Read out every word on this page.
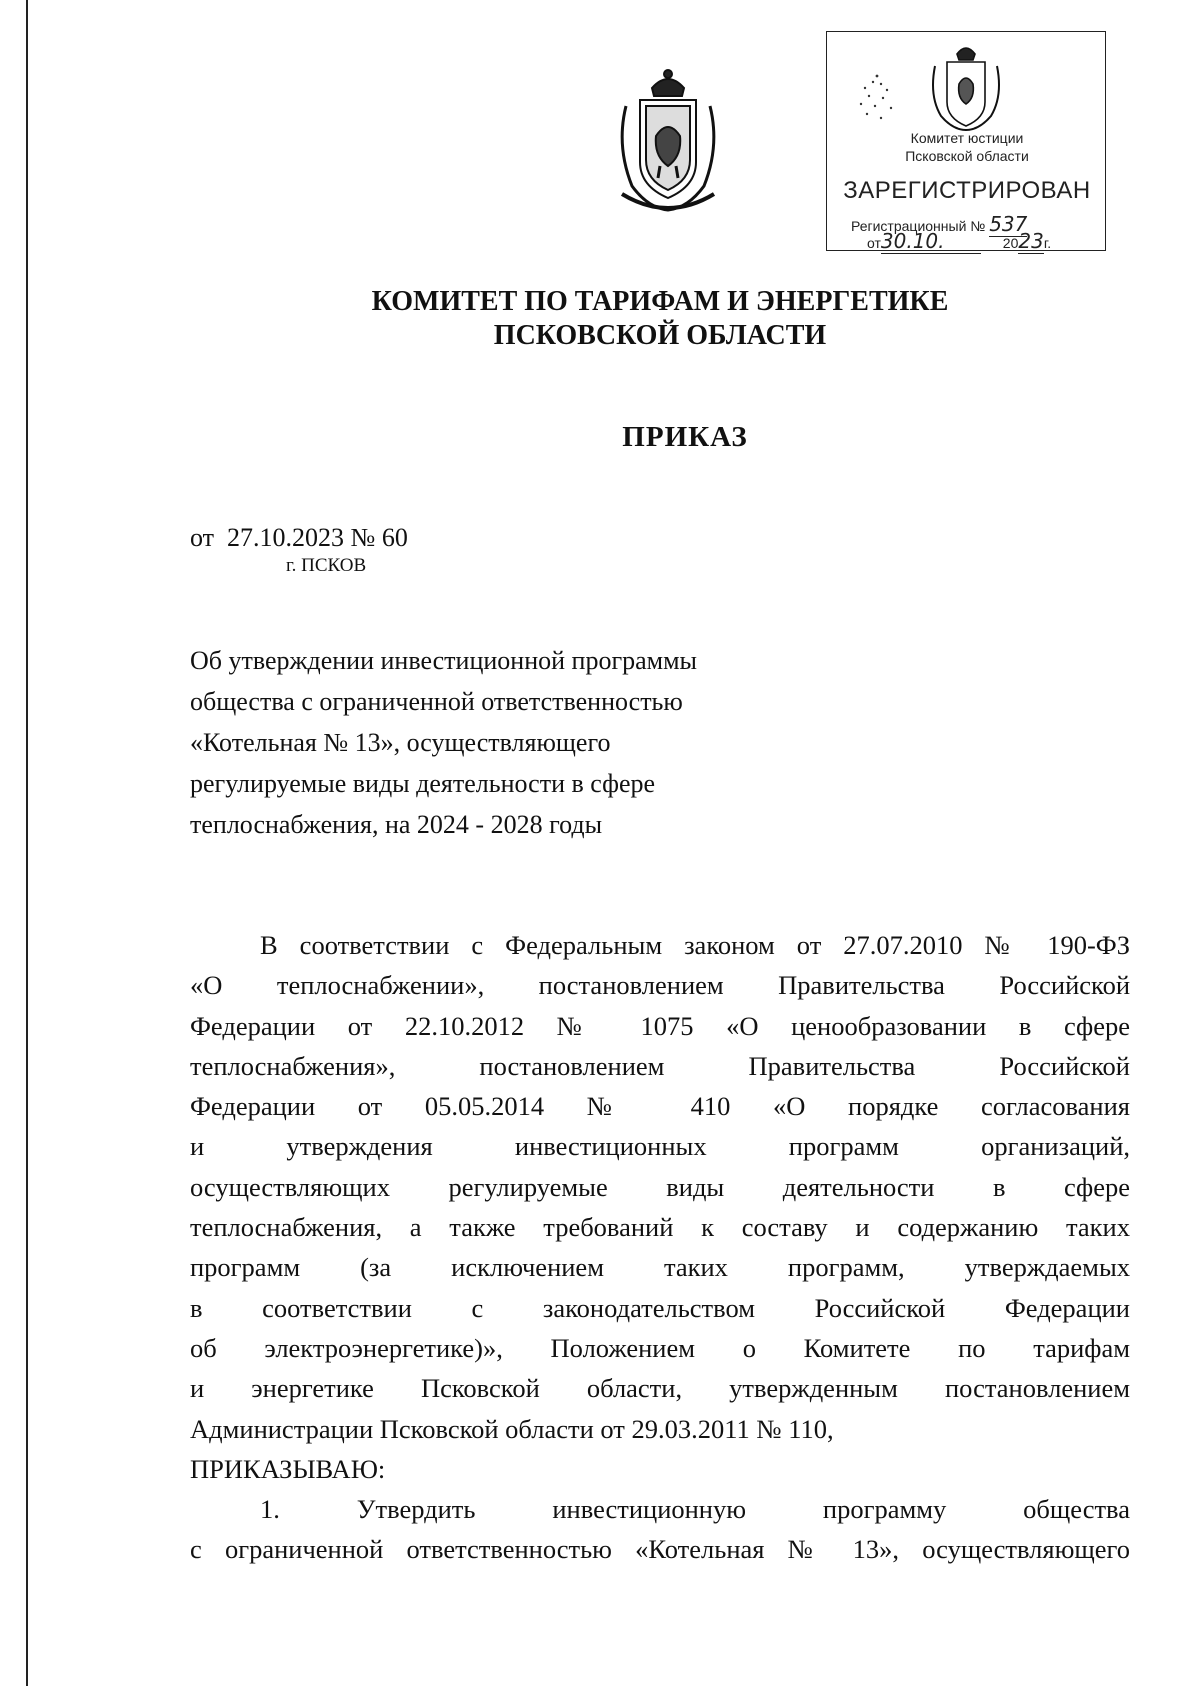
Комитет юстиции
Псковской области
ЗАРЕГИСТРИРОВАН
Регистрационный № 537
от30.10.	2023г.
КОМИТЕТ ПО ТАРИФАМ И ЭНЕРГЕТИКЕ
ПСКОВСКОЙ ОБЛАСТИ
ПРИКАЗ
от  27.10.2023 № 60
г. ПСКОВ
Об утверждении инвестиционной программы
общества с ограниченной ответственностью
«Котельная № 13», осуществляющего
регулируемые виды деятельности в сфере
теплоснабжения, на 2024 - 2028 годы
В соответствии с Федеральным законом от 27.07.2010 № 190-ФЗ
«О теплоснабжении», постановлением Правительства Российской
Федерации от 22.10.2012 № 1075 «О ценообразовании в сфере
теплоснабжения», постановлением Правительства Российской
Федерации от 05.05.2014 № 410 «О порядке согласования
и утверждения инвестиционных программ организаций,
осуществляющих регулируемые виды деятельности в сфере
теплоснабжения, а также требований к составу и содержанию таких
программ (за исключением таких программ, утверждаемых
в соответствии с законодательством Российской Федерации
об электроэнергетике)», Положением о Комитете по тарифам
и энергетике Псковской области, утвержденным постановлением
Администрации Псковской области от 29.03.2011 № 110,
ПРИКАЗЫВАЮ:
1. Утвердить инвестиционную программу общества
с ограниченной ответственностью «Котельная № 13», осуществляющего
